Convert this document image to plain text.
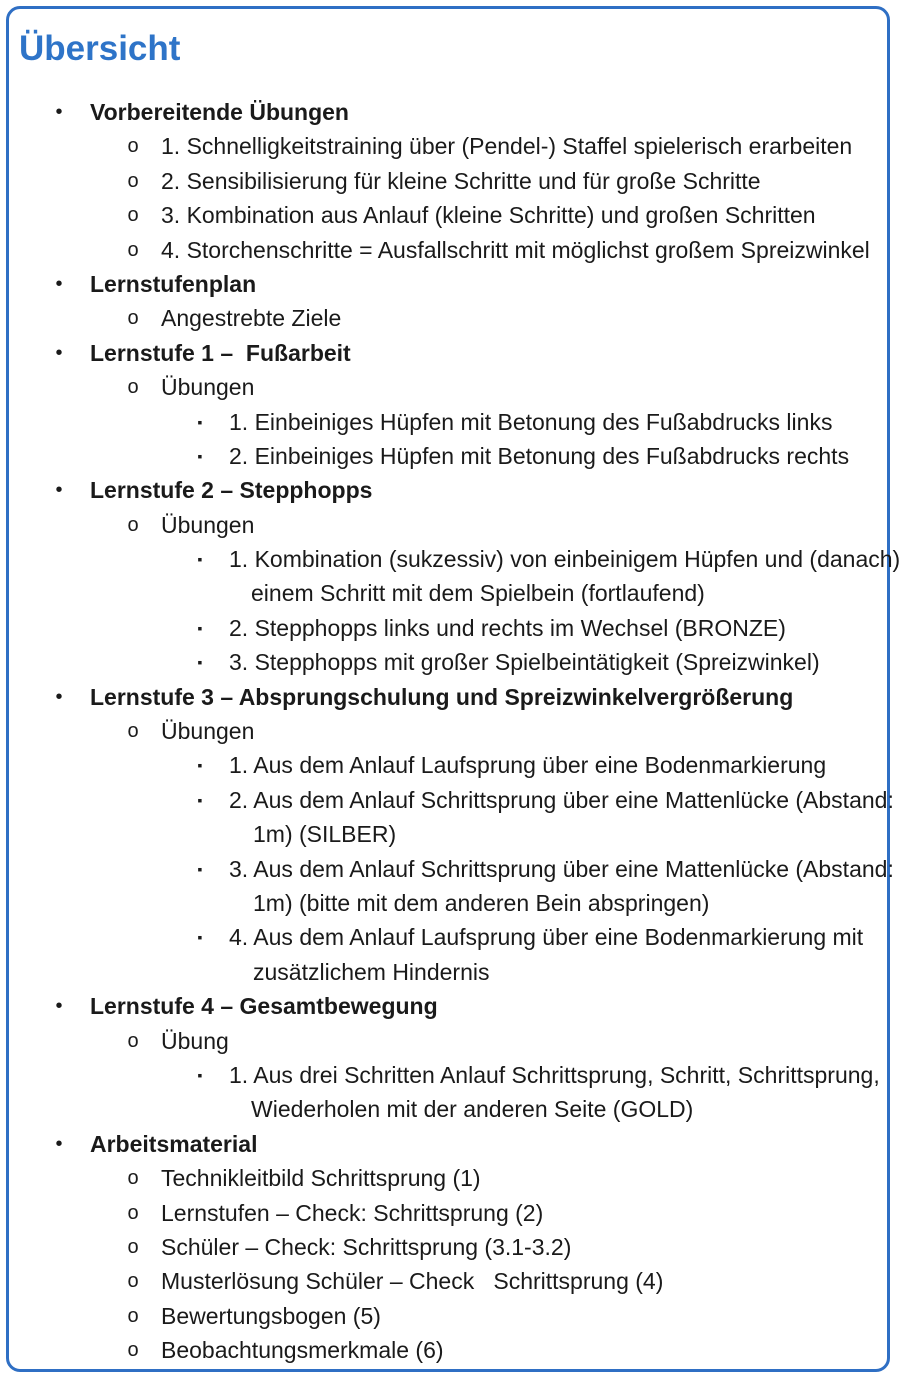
Übersicht
• Vorbereitende Übungen
o 1. Schnelligkeitstraining über (Pendel-) Staffel spielerisch erarbeiten
o 2. Sensibilisierung für kleine Schritte und für große Schritte
o 3. Kombination aus Anlauf (kleine Schritte) und großen Schritten
o 4. Storchenschritte = Ausfallschritt mit möglichst großem Spreizwinkel
• Lernstufenplan
o Angestrebte Ziele
• Lernstufe 1 –  Fußarbeit
o Übungen
▪	1. Einbeiniges Hüpfen mit Betonung des Fußabdrucks links
▪	2. Einbeiniges Hüpfen mit Betonung des Fußabdrucks rechts
• Lernstufe 2 – Stepphopps
o Übungen
▪	1. Kombination (sukzessiv) von einbeinigem Hüpfen und (danach)
einem Schritt mit dem Spielbein (fortlaufend)
▪	2. Stepphopps links und rechts im Wechsel (BRONZE)
▪	3. Stepphopps mit großer Spielbeintätigkeit (Spreizwinkel)
• Lernstufe 3 – Absprungschulung und Spreizwinkelvergrößerung
o Übungen
▪	1. Aus dem Anlauf Laufsprung über eine Bodenmarkierung
▪	2. Aus dem Anlauf Schrittsprung über eine Mattenlücke (Abstand:
1m) (SILBER)
▪	3. Aus dem Anlauf Schrittsprung über eine Mattenlücke (Abstand:
1m) (bitte mit dem anderen Bein abspringen)
▪	4. Aus dem Anlauf Laufsprung über eine Bodenmarkierung mit
zusätzlichem Hindernis
• Lernstufe 4 – Gesamtbewegung
o Übung
▪	1. Aus drei Schritten Anlauf Schrittsprung, Schritt, Schrittsprung,
Wiederholen mit der anderen Seite (GOLD)
• Arbeitsmaterial
o Technikleitbild Schrittsprung (1)
o Lernstufen – Check: Schrittsprung (2)
o Schüler – Check: Schrittsprung (3.1-3.2)
o Musterlösung Schüler – Check   Schrittsprung (4)
o Bewertungsbogen (5)
o Beobachtungsmerkmale (6)
